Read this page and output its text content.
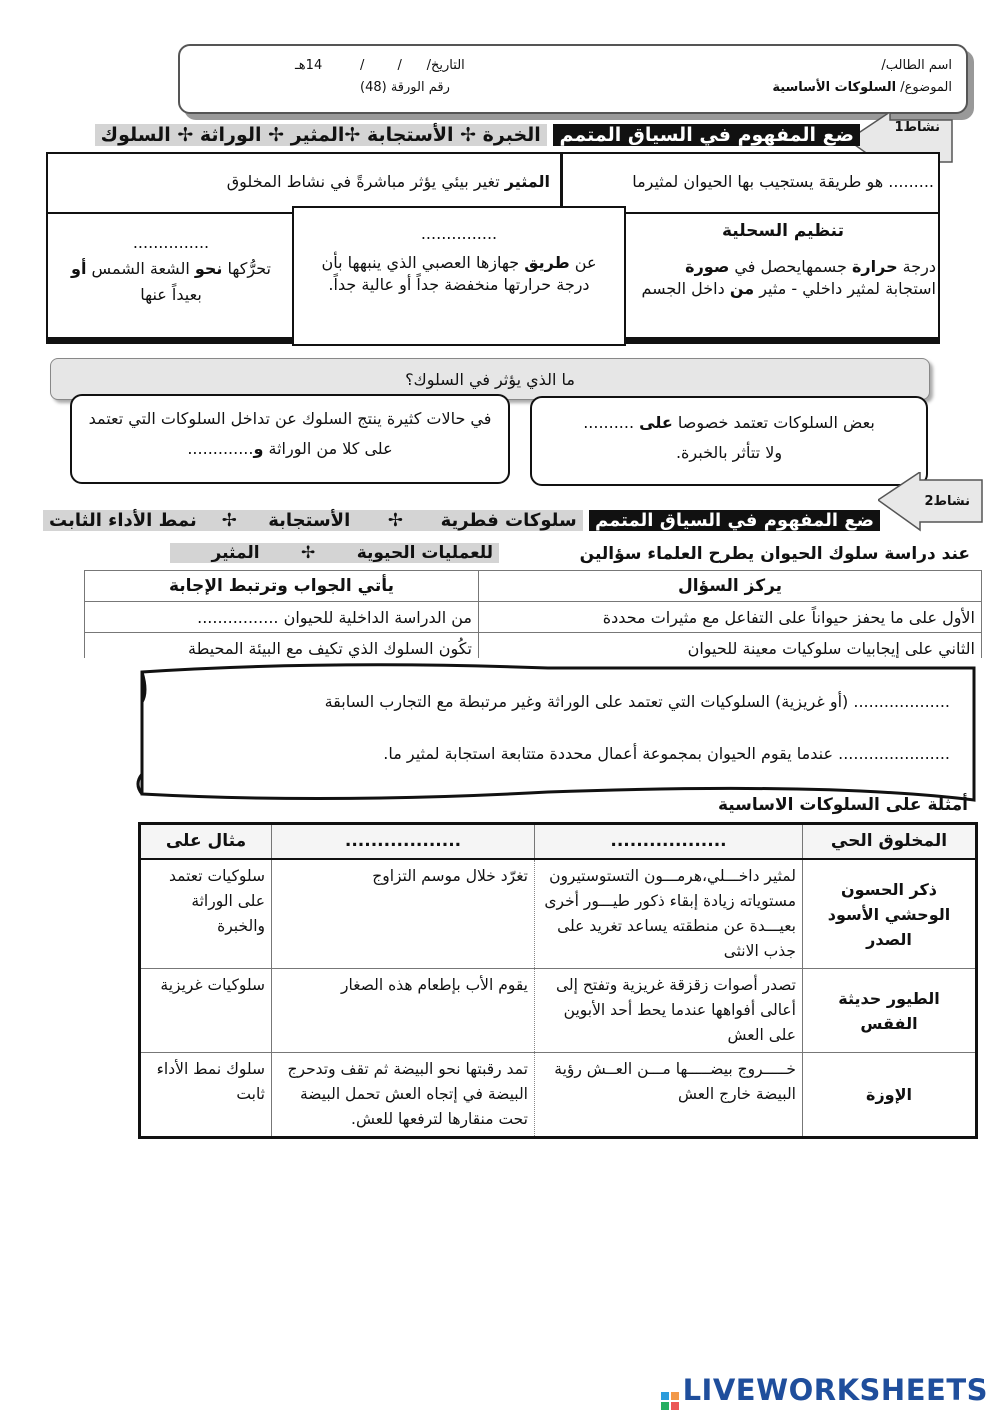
اسم الطالب/
التاريخ/      /        /
14هـ
الموضوع/ السلوكات الأساسية
رقم الورقة (48)
نشاط1
ضع المفهوم في السياق المتمم الخبرة ✢ الأستجابة ✢المثير ✢ الوراثة ✢ السلوك
......... هو طريقة يستجيب بها الحيوان لمثيرما
المثير تغير بيئي يؤثر مباشرةً في نشاط المخلوق
...............
عن طريق جهازها العصبي الذي ينبهها بأن درجة حرارتها منخفضة جداً أو عالية جداً.
تنظيم السحلية
درجة حرارة جسمهايحصل في صورة استجابة لمثير داخلي - مثير من داخل الجسم
...............
تحرُّكها نحو الشعة الشمس أو بعيداً عنها
ما الذي يؤثر في السلوك؟
بعض السلوكات تعتمد خصوصا على ..........
ولا تتأثر بالخبرة.
في حالات كثيرة ينتج السلوك عن تداخل السلوكات التي تعتمد على كلا من الوراثة و.............
نشاط2
ضع المفهوم في السياق المتمم سلوكات فطرية      ✢      الأستجابة     ✢    نمط الأداء الثابت
للعمليات الحيوية       ✢       المثير	عند دراسة سلوك الحيوان يطرح العلماء سؤالين
يركز السؤال	يأتي الجواب وترتبط الإجابة
الأول على ما يحفز حيواناً على التفاعل مع مثيرات محددة	من الدراسة الداخلية للحيوان ................
الثاني على إيجابيات سلوكيات معينة للحيوان	تكُون السلوك الذي تكيف مع البيئة المحيطة
................... (أو غريزية) السلوكيات التي تعتمد على الوراثة وغير مرتبطة مع التجارب السابقة
...................... عندما يقوم الحيوان بمجموعة أعمال محددة متتابعة استجابة لمثير ما.
أمثلة على السلوكات الاساسية
المخلوق الحي	..................	..................	مثال على
ذكر الحسون الوحشي الأسود الصدر	لمثير داخـــلي،هرمـــون التستوستيرون مستوياته زيادة إبقاء ذكور طيـــور أخرى بعيـــدة عن منطقته يساعد تغريد على جذب الانثى	تغرّد خلال موسم التزاوج	سلوكيات تعتمد على الوراثة والخبرة
الطيور حديثة الفقس	تصدر أصوات زقزقة غريزية وتفتح إلى أعالى أفواهها عندما يحط أحد الأبوين على العش	يقوم الأب بإطعام هذه الصغار	سلوكيات غريزية
الإوزة	خـــــروج بيضـــــها مـــن العــش رؤية البيضة خارج العش	تمد رقبتها نحو البيضة ثم تقف وتدحرج البيضة في إتجاه العش تحمل البيضة تحت منقارها لترفعها للعش.	سلوك نمط الأداء ثابت
LIVEWORKSHEETS
